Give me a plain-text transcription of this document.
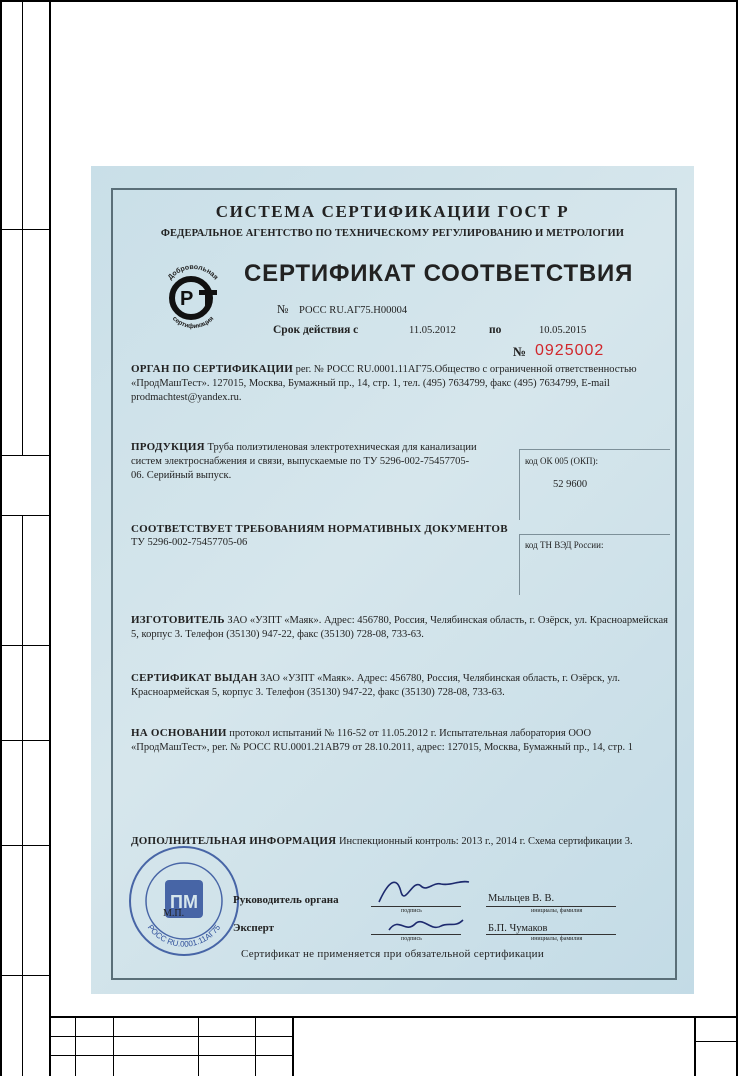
СИСТЕМА СЕРТИФИКАЦИИ ГОСТ Р
ФЕДЕРАЛЬНОЕ АГЕНТСТВО ПО ТЕХНИЧЕСКОМУ РЕГУЛИРОВАНИЮ И МЕТРОЛОГИИ
Добровольная
сертификация
P
СЕРТИФИКАТ СООТВЕТСТВИЯ
№ РОСС RU.АГ75.H00004
Срок действия с	11.05.2012	по	10.05.2015
№ 0925002
ОРГАН ПО СЕРТИФИКАЦИИ рег. № РОСС RU.0001.11АГ75.Общество с ограниченной ответственностью «ПродМашТест». 127015, Москва, Бумажный пр., 14, стр. 1, тел. (495) 7634799, факс (495) 7634799, E-mail prodmachtest@yandex.ru.
ПРОДУКЦИЯ Труба полиэтиленовая электротехническая для канализации систем электроснабжения и связи, выпускаемые по ТУ 5296-002-75457705-06. Серийный выпуск.
код ОК 005 (ОКП):
52 9600
СООТВЕТСТВУЕТ ТРЕБОВАНИЯМ НОРМАТИВНЫХ ДОКУМЕНТОВ
ТУ 5296-002-75457705-06	код ТН ВЭД России:
ИЗГОТОВИТЕЛЬ ЗАО «УЗПТ «Маяк». Адрес: 456780, Россия, Челябинская область, г. Озёрск, ул. Красноармейская 5, корпус 3. Телефон (35130) 947-22, факс (35130) 728-08, 733-63.
СЕРТИФИКАТ ВЫДАН ЗАО «УЗПТ «Маяк». Адрес: 456780, Россия, Челябинская область, г. Озёрск, ул. Красноармейская 5, корпус 3. Телефон (35130) 947-22, факс (35130) 728-08, 733-63.
НА ОСНОВАНИИ протокол испытаний № 116-52 от 11.05.2012 г. Испытательная лаборатория ООО «ПродМашТест», рег. № РОСС RU.0001.21АВ79 от 28.10.2011, адрес: 127015, Москва, Бумажный пр., 14, стр. 1
ДОПОЛНИТЕЛЬНАЯ ИНФОРМАЦИЯ Инспекционный контроль: 2013 г., 2014 г. Схема сертификации 3.
ПМ
РОСС RU.0001.11АГ75
Руководитель органа
подпись
Мыльцев В. В.
инициалы, фамилия
М.П.
Эксперт
подпись
Б.П. Чумаков
инициалы, фамилия
Сертификат не применяется при обязательной сертификации
